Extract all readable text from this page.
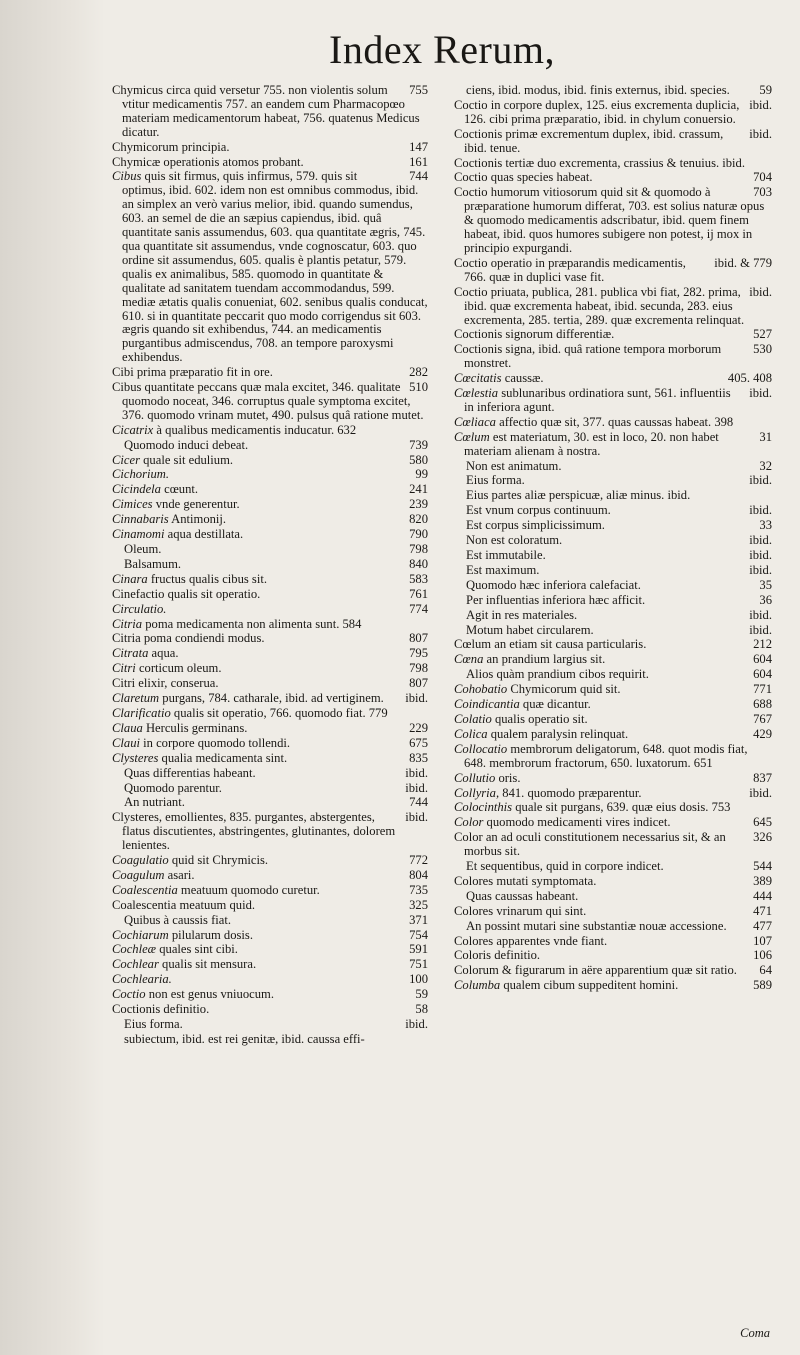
Index Rerum,
755
Chymicus circa quid versetur 755. non violentis solum vtitur medicamentis 757. an eandem cum Pharmacopœo materiam medicamentorum habeat, 756. quatenus Medicus dicatur.
147
Chymicorum principia.
161
Chymicæ operationis atomos probant.
744
Cibus quis sit firmus, quis infirmus, 579. quis sit optimus, ibid. 602. idem non est omnibus commodus, ibid. an simplex an verò varius melior, ibid. quando sumendus, 603. an semel de die an sæpius capiendus, ibid. quâ quantitate sanis assumendus, 603. qua quantitate ægris, 745. qua quantitate sit assumendus, vnde cognoscatur, 603. quo ordine sit assumendus, 605. qualis è plantis petatur, 579. qualis ex animalibus, 585. quomodo in quantitate & qualitate ad sanitatem tuendam accommodandus, 599. mediæ ætatis qualis conueniat, 602. senibus qualis conducat, 610. si in quantitate peccarit quo modo corrigendus sit 603. ægris quando sit exhibendus, 744. an medicamentis purgantibus admiscendus, 708. an tempore paroxysmi exhibendus.
282
Cibi prima præparatio fit in ore.
510
Cibus quantitate peccans quæ mala excitet, 346. qualitate quomodo noceat, 346. corruptus quale symptoma excitet, 376. quomodo vrinam mutet, 490. pulsus quâ ratione mutet.
Cicatrix à qualibus medicamentis inducatur. 632
739
Quomodo induci debeat.
580
Cicer quale sit edulium.
99
Cichorium.
241
Cicindela cœunt.
239
Cimices vnde generentur.
820
Cinnabaris Antimonij.
790
Cinamomi aqua destillata.
798
Oleum.
840
Balsamum.
583
Cinara fructus qualis cibus sit.
761
Cinefactio qualis sit operatio.
774
Circulatio.
Citria poma medicamenta non alimenta sunt. 584
807
Citria poma condiendi modus.
795
Citrata aqua.
798
Citri corticum oleum.
807
Citri elixir, conserua.
ibid.
Claretum purgans, 784. catharale, ibid. ad vertiginem.
Clarificatio qualis sit operatio, 766. quomodo fiat. 779
229
Claua Herculis germinans.
675
Claui in corpore quomodo tollendi.
835
Clysteres qualia medicamenta sint.
ibid.
Quas differentias habeant.
ibid.
Quomodo parentur.
744
An nutriant.
ibid.
Clysteres, emollientes, 835. purgantes, abstergentes, flatus discutientes, abstringentes, glutinantes, dolorem lenientes.
772
Coagulatio quid sit Chrymicis.
804
Coagulum asari.
735
Coalescentia meatuum quomodo curetur.
325
Coalescentia meatuum quid.
371
Quibus à caussis fiat.
754
Cochiarum pilularum dosis.
591
Cochleæ quales sint cibi.
751
Cochlear qualis sit mensura.
100
Cochlearia.
59
Coctio non est genus vniuocum.
58
Coctionis definitio.
ibid.
Eius forma.
subiectum, ibid. est rei genitæ, ibid. caussa effi-
59
ciens, ibid. modus, ibid. finis externus, ibid. species.
ibid.
Coctio in corpore duplex, 125. eius excrementa duplicia, 126. cibi prima præparatio, ibid. in chylum conuersio.
ibid.
Coctionis primæ excrementum duplex, ibid. crassum, ibid. tenue.
Coctionis tertiæ duo excrementa, crassius & tenuius. ibid.
704
Coctio quas species habeat.
703
Coctio humorum vitiosorum quid sit & quomodo à præparatione humorum differat, 703. est solius naturæ opus & quomodo medicamentis adscribatur, ibid. quem finem habeat, ibid. quos humores subigere non potest, ij mox in principio expurgandi.
ibid. & 779
Coctio operatio in præparandis medicamentis, 766. quæ in duplici vase fit.
ibid.
Coctio priuata, publica, 281. publica vbi fiat, 282. prima, ibid. quæ excrementa habeat, ibid. secunda, 283. eius excrementa, 285. tertia, 289. quæ excrementa relinquat.
527
Coctionis signorum differentiæ.
530
Coctionis signa, ibid. quâ ratione tempora morborum monstret.
405. 408
Cœcitatis caussæ.
ibid.
Cœlestia sublunaribus ordinatiora sunt, 561. influentiis in inferiora agunt.
Cœliaca affectio quæ sit, 377. quas caussas habeat. 398
31
Cœlum est materiatum, 30. est in loco, 20. non habet materiam alienam à nostra.
32
Non est animatum.
ibid.
Eius forma.
Eius partes aliæ perspicuæ, aliæ minus. ibid.
ibid.
Est vnum corpus continuum.
33
Est corpus simplicissimum.
ibid.
Non est coloratum.
ibid.
Est immutabile.
ibid.
Est maximum.
35
Quomodo hæc inferiora calefaciat.
36
Per influentias inferiora hæc afficit.
ibid.
Agit in res materiales.
ibid.
Motum habet circularem.
212
Cœlum an etiam sit causa particularis.
604
Cœna an prandium largius sit.
604
Alios quàm prandium cibos requirit.
771
Cohobatio Chymicorum quid sit.
688
Coindicantia quæ dicantur.
767
Colatio qualis operatio sit.
429
Colica qualem paralysin relinquat.
Collocatio membrorum deligatorum, 648. quot modis fiat, 648. membrorum fractorum, 650. luxatorum. 651
837
Collutio oris.
ibid.
Collyria, 841. quomodo præparentur.
Colocinthis quale sit purgans, 639. quæ eius dosis. 753
645
Color quomodo medicamenti vires indicet.
326
Color an ad oculi constitutionem necessarius sit, & an morbus sit.
544
Et sequentibus, quid in corpore indicet.
389
Colores mutati symptomata.
444
Quas caussas habeant.
471
Colores vrinarum qui sint.
477
An possint mutari sine substantiæ nouæ accessione.
107
Colores apparentes vnde fiant.
106
Coloris definitio.
64
Colorum & figurarum in aëre apparentium quæ sit ratio.
589
Columba qualem cibum suppeditent homini.
Coma
